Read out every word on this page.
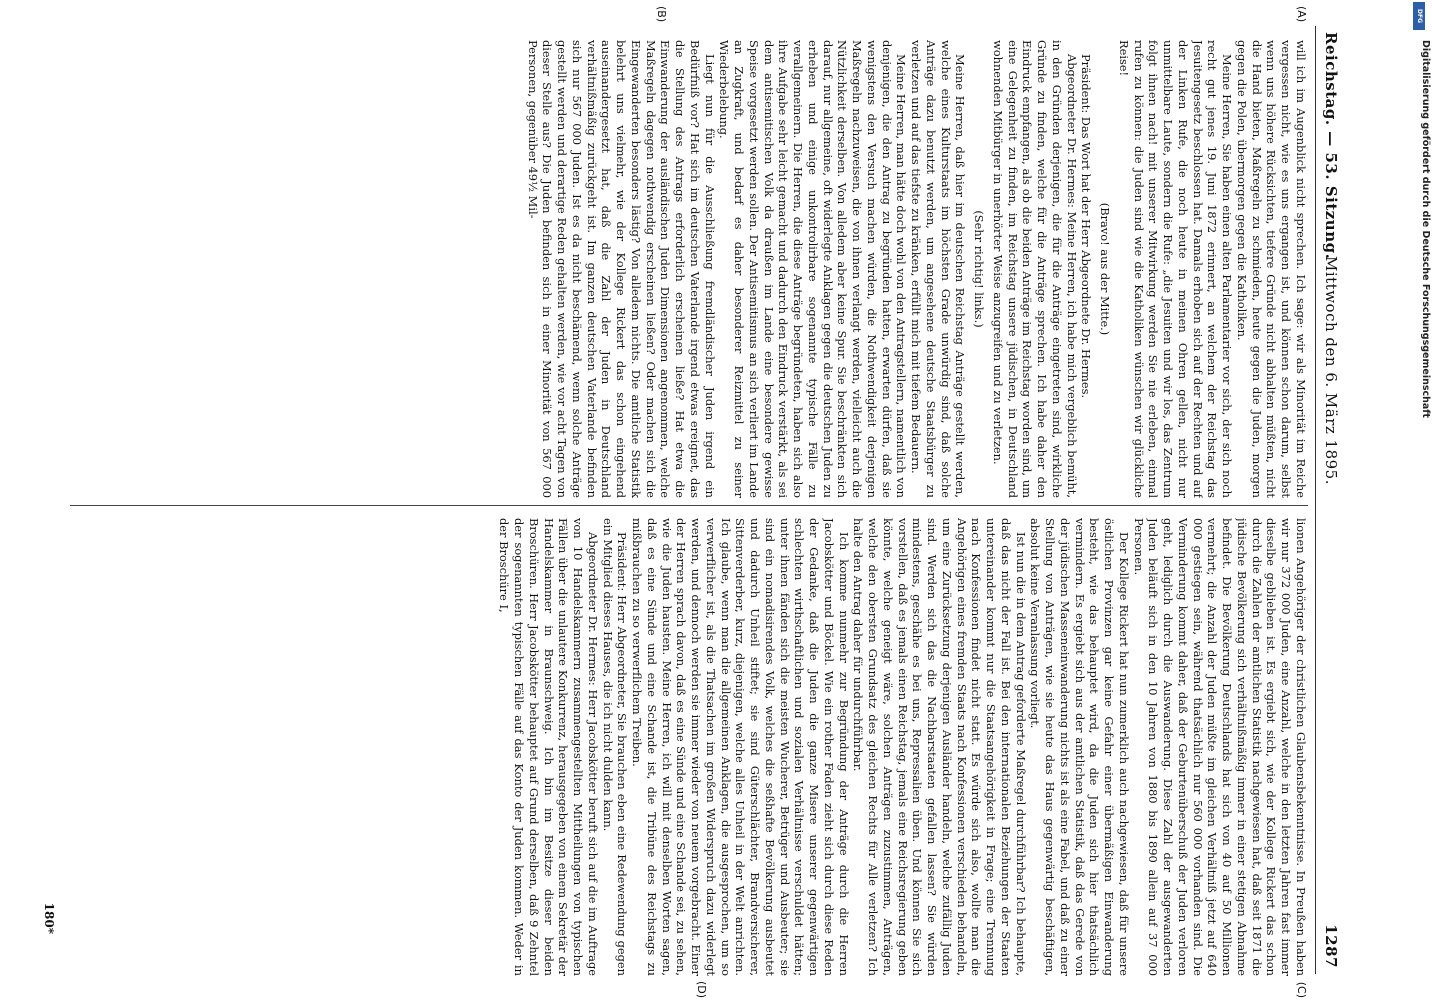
Reichstag. — 53. Sitzung.
Mittwoch den 6. März 1895.
1287

will ich im Augenblick nicht sprechen. Ich sage: wir als Minorität im Reiche vergessen nicht, wie es uns ergangen ist, und können schon darum, selbst wenn uns höhere Rücksichten, tiefere Gründe nicht abhalten müßten, nicht die Hand bieten, Maßregeln zu schmieden, heute gegen die Juden, morgen gegen die Polen, übermorgen gegen die Katholiken.

Meine Herren, Sie haben einen alten Parlamentarier vor sich, der sich noch recht gut jenes 19. Juni 1872 erinnert, an welchem der Reichstag das Jesuitengesetz beschlossen hat. Damals erhoben sich auf der Rechten und auf der Linken Rufe, die noch heute in meinen Ohren gellen, nicht nur unmittelbare Laute, sondern die Rufe: „die Jesuiten und wir los, das Zentrum folgt ihnen nach! mit unserer Mitwirkung werden Sie nie erleben, einmal rufen zu können: die Juden sind wie die Katholiken wünschen wir glückliche Reise!

(Bravo! aus der Mitte.)

Präsident: Das Wort hat der Herr Abgeordnete Dr. Hermes.

Abgeordneter Dr. Hermes: Meine Herren, ich habe mich vergeblich bemüht, in den Gründen derjenigen, die für die Anträge eingetreten sind, wirkliche Gründe zu finden, welche für die Anträge sprechen. Ich habe daher den Eindruck empfangen, als ob die beiden Anträge im Reichstag worden sind, um eine Gelegenheit zu finden, im Reichstag unsere jüdischen, in Deutschland wohnenden Mitbürger in unerhörter Weise anzugreifen und zu verletzen.

(Sehr richtig! links.)

Meine Herren, daß hier im deutschen Reichstag Anträge gestellt werden, welche eines Kulturstaats im höchsten Grade unwürdig sind, daß solche Anträge dazu benutzt werden, um angesehene deutsche Staatsbürger zu verletzen und auf das tiefste zu kränken, erfüllt mich mit tiefem Bedauern.

Meine Herren, man hätte doch wohl von den Antragstellern, namentlich von denjenigen, die den Antrag zu begründen hatten, erwarten dürfen, daß sie wenigstens den Versuch machen würden, die Nothwendigkeit derjenigen Maßregeln nachzuweisen, die von ihnen verlangt werden, vielleicht auch die Nützlichkeit derselben. Von alledem aber keine Spur. Sie beschränkten sich darauf, nur allgemeine, oft widerlegte Anklagen gegen die deutschen Juden zu erheben und einige unkontrolirbare sogenannte typische Fälle zu verallgemeinern. Die Herren, die diese Anträge begründeten, haben sich also ihre Aufgabe sehr leicht gemacht und dadurch den Eindruck verstärkt, als sei dem antisemitischen Volk da draußen im Lande eine besondere gewisse Speise vorgesetzt werden sollen. Der Antisemitismus an sich verliert im Lande an Zugkraft, und bedarf es daher besonderer Reizmittel zu seiner Wiederbelebung.

Liegt nun für die Ausschließung fremdländischer Juden irgend ein Bedürfniß vor? Hat sich im deutschen Vaterlande irgend etwas ereignet, das die Stellung des Antrags erforderlich erscheinen ließe? Hat etwa die Einwanderung der ausländischen Juden Dimensionen angenommen, welche Maßregeln dagegen nothwendig erscheinen ließen? Oder machen sich die Eingewanderten besonders lästig? Von alledem nichts. Die amtliche Statistik belehrt uns vielmehr, wie der Kollege Rickert das schon eingehend auseinandergesetzt hat, daß die Zahl der Juden in Deutschland verhältnißmäßig zurückgeht ist. Im ganzen deutschen Vaterlande befinden sich nur 567 000 Juden. Ist es da nicht beschämend, wenn solche Anträge gestellt werden und derartige Reden gehalten werden, wie vor acht Tagen von dieser Stelle aus? Die Juden befinden sich in einer Minorität von 567 000 Personen, gegenüber 49½ Mil-

lionen Angehöriger der christlichen Glaubensbekenntnisse. In Preußen haben wir nur 372 000 Juden, eine Anzahl, welche in den letzten Jahren fast immer dieselbe geblieben ist. Es ergiebt sich, wie der Kollege Rickert das schon durch die Zahlen der amtlichen Statistik nachgewiesen hat, daß seit 1871 die jüdische Bevölkerung sich verhältnißmäßig immer in einer stetigen Abnahme befindet. Die Bevölkerung Deutschlands hat sich von 40 auf 50 Millionen vermehrt; die Anzahl der Juden müßte im gleichen Verhältniß jetzt auf 640 000 gestiegen sein, während thatsächlich nur 560 000 vorhanden sind. Die Verminderung kommt daher, daß der Geburtenüberschuß der Juden verloren geht, lediglich durch die Auswanderung. Diese Zahl der ausgewanderten Juden beläuft sich in den 10 Jahren von 1880 bis 1890 allein auf 37 000 Personen.

Der Kollege Rickert hat nun zumerklich auch nachgewiesen, daß für unsere östlichen Provinzen gar keine Gefahr einer übermäßigen Einwanderung besteht, wie das behauptet wird, da die Juden sich hier thatsächlich vermindern. Es ergiebt sich aus der amtlichen Statistik, daß das Gerede von der jüdischen Masseneinwanderung nichts ist als eine Fabel, und daß zu einer Stellung von Anträgen, wie sie heute das Haus gegenwärtig beschäftigen, absolut keine Veranlassung vorliegt.

Ist nun die in dem Antrag geforderte Maßregel durchführbar? Ich behaupte, daß das nicht der Fall ist. Bei den internationalen Beziehungen der Staaten untereinander kommt nur die Staatsangehörigkeit in Frage; eine Trennung nach Konfessionen findet nicht statt. Es würde sich also, wollte man die Angehörigen eines fremden Staats nach Konfessionen verschieden behandeln, um eine Zurücksetzung derjenigen Ausländer handeln, welche zufällig Juden sind. Werden sich das die Nachbarstaaten gefallen lassen? Sie würden mindestens, geschähe es bei uns, Repressalien üben. Und können Sie sich vorstellen, daß es jemals einen Reichstag, jemals eine Reichsregierung geben könnte, welche geneigt wäre, solchen Anträgen zuzustimmen, Anträgen, welche den obersten Grundsatz des gleichen Rechts für Alle verletzen? Ich halte den Antrag daher für undurchführbar.

Ich komme nunmehr zur Begründung der Anträge durch die Herren Jacobskötter und Böckel. Wie ein rother Faden zieht sich durch diese Reden der Gedanke, daß die Juden die ganze Misere unserer gegenwärtigen schlechten wirthschaftlichen und sozialen Verhältnisse verschuldet hätten; unter ihnen fänden sich die meisten Wucherer, Betrüger und Ausbeuter; sie sind ein nomadisirendes Volk, welches die seßhafte Bevölkerung ausbeutet und dadurch Unheil stiftet; sie sind Güterschlächter, Brandversicherer, Sittenverderber, kurz, diejenigen, welche alles Unheil in der Welt anrichten. Ich glaube, wenn man die allgemeinen Anklagen, die ausgesprochen, um so verwerflicher ist, als die Thatsachen im großen Widerspruch dazu widerlegt werden, und dennoch werden sie immer wieder von neuem vorgebracht. Einer der Herren sprach davon, daß es eine Sünde und eine Schande sei, zu sehen, wie die Juden hausten. Meine Herren, ich will mit denselben Worten sagen, daß es eine Sünde und eine Schande ist, die Tribüne des Reichstags zu mißbrauchen zu so verwerflichem Treiben.

Präsident: Herr Abgeordneter, Sie brauchen eben eine Redewendung gegen ein Mitglied dieses Hauses, die ich nicht dulden kann.

Abgeordneter Dr. Hermes: Herr Jacobskötter beruft sich auf die im Auftrage von 10 Handelskammern zusammengestellten Mittheilungen von typischen Fällen über die unlautere Konkurrenz, herausgegeben von einem Sekretär der Handelskammer in Braunschweig. Ich bin im Besitze dieser beiden Broschüren. Herr Jacobskötter behauptet auf Grund derselben, daß 9 Zehntel der sogenannten typischen Fälle auf das Konto der Juden kommen. Weder in der Broschüre I,

(A)
(B)
(C)
(D)
180*
Digitalisierung gefördert durch die Deutsche Forschungsgemeinschaft
DFG
